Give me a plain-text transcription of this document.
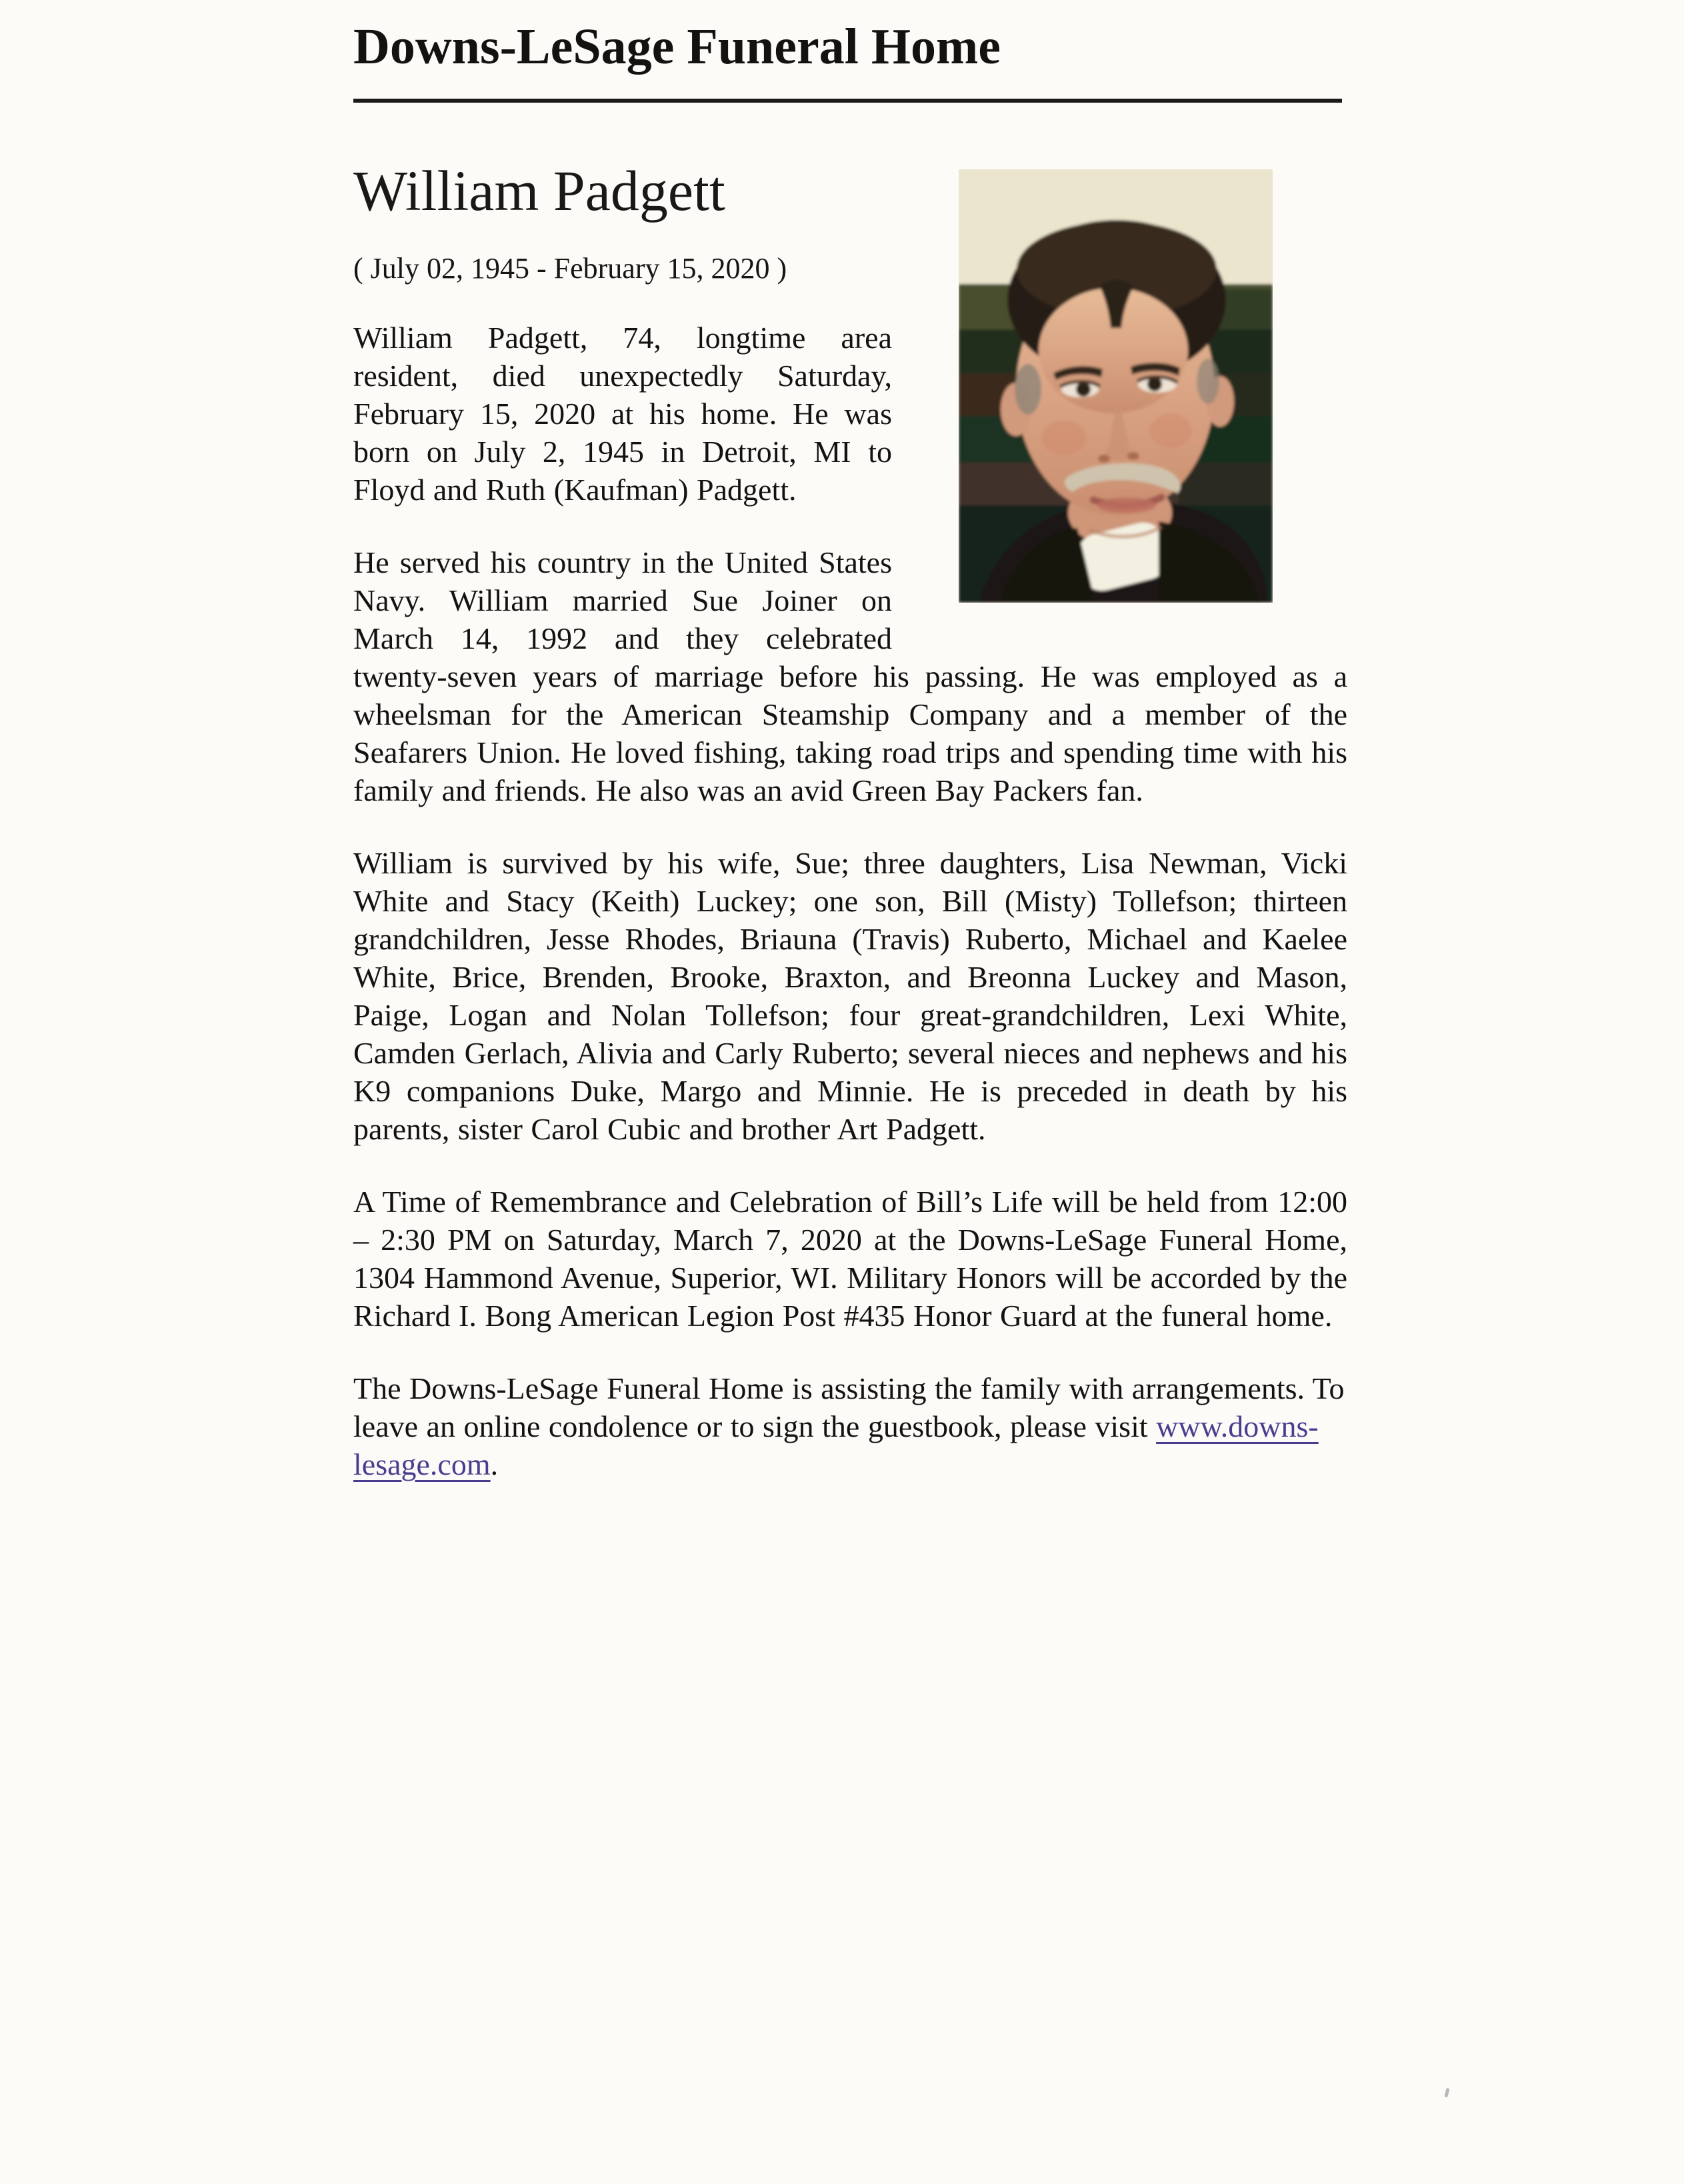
Downs-LeSage Funeral Home
William Padgett

( July 02, 1945 - February 15, 2020 )

William Padgett, 74, longtime area resident, died unexpectedly Saturday, February 15, 2020 at his home. He was born on July 2, 1945 in Detroit, MI to Floyd and Ruth (Kaufman) Padgett.

He served his country in the United States Navy. William married Sue Joiner on March 14, 1992 and they celebrated twenty-seven years of marriage before his passing. He was employed as a wheelsman for the American Steamship Company and a member of the Seafarers Union. He loved fishing, taking road trips and spending time with his family and friends. He also was an avid Green Bay Packers fan.

William is survived by his wife, Sue; three daughters, Lisa Newman, Vicki White and Stacy (Keith) Luckey; one son, Bill (Misty) Tollefson; thirteen grandchildren, Jesse Rhodes, Briauna (Travis) Ruberto, Michael and Kaelee White, Brice, Brenden, Brooke, Braxton, and Breonna Luckey and Mason, Paige, Logan and Nolan Tollefson; four great-grandchildren, Lexi White, Camden Gerlach, Alivia and Carly Ruberto; several nieces and nephews and his K9 companions Duke, Margo and Minnie. He is preceded in death by his parents, sister Carol Cubic and brother Art Padgett.

A Time of Remembrance and Celebration of Bill’s Life will be held from 12:00 – 2:30 PM on Saturday, March 7, 2020 at the Downs-LeSage Funeral Home, 1304 Hammond Avenue, Superior, WI. Military Honors will be accorded by the Richard I. Bong American Legion Post #435 Honor Guard at the funeral home.

The Downs-LeSage Funeral Home is assisting the family with arrangements. To leave an online condolence or to sign the guestbook, please visit www.downs-lesage.com.
